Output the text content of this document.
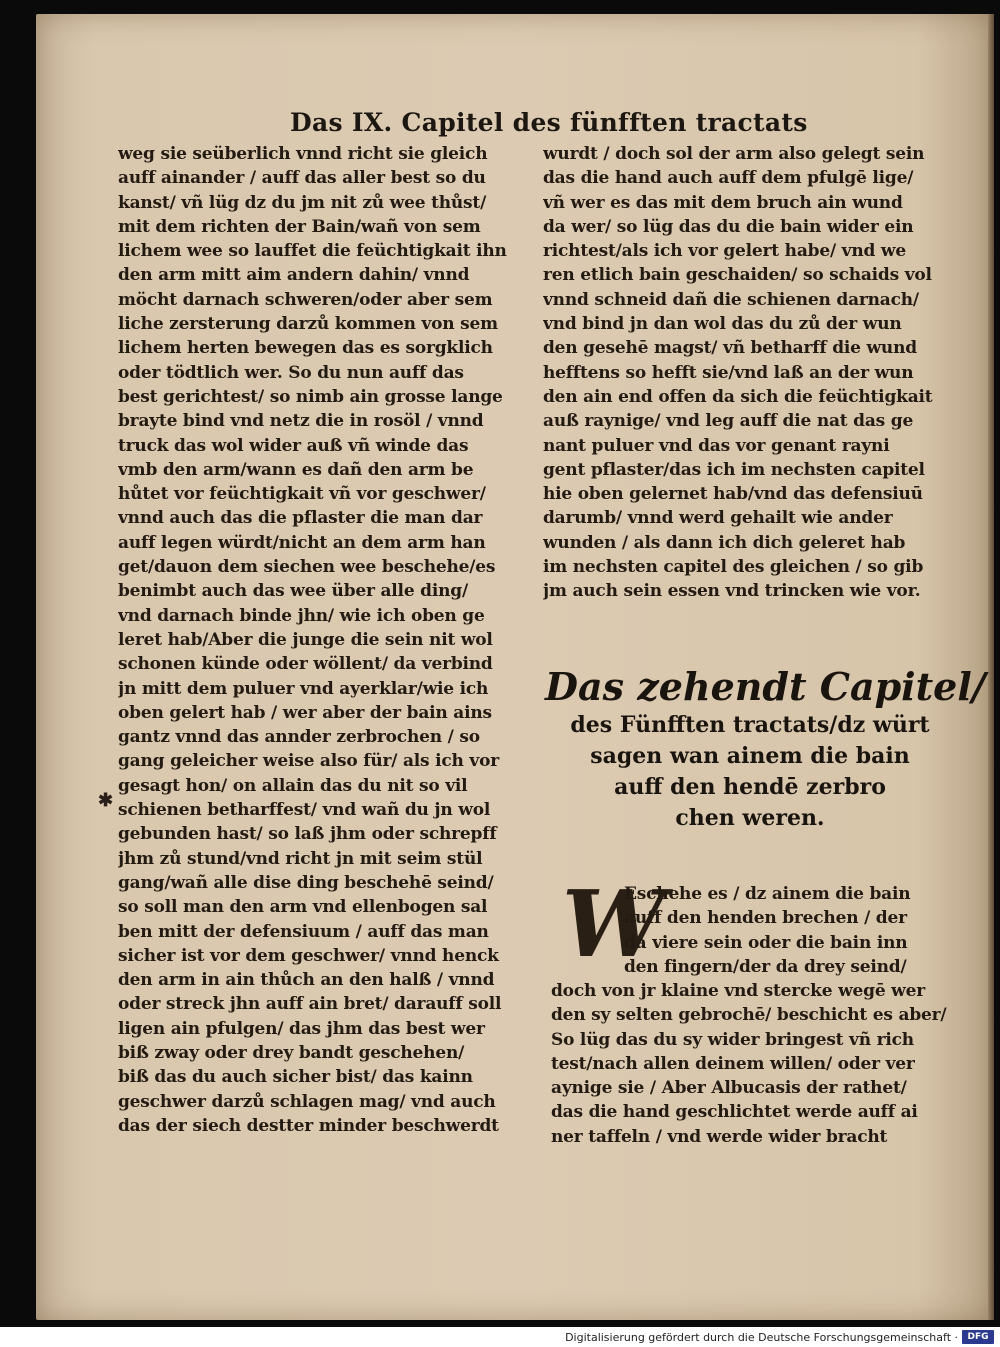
Das IX. Capitel des fünfften tractats
weg sie seüberlich vnnd richt sie gleich
auff ainander / auff das aller best so du
kanst/ vñ lüg dz du jm nit zů wee thůst/
mit dem richten der Bain/wañ von sem
lichem wee so lauffet die feüchtigkait ihn
den arm mitt aim andern dahin/ vnnd
möcht darnach schweren/oder aber sem
liche zersterung darzů kommen von sem
lichem herten bewegen das es sorgklich
oder tödtlich wer. So du nun auff das
best gerichtest/ so nimb ain grosse lange
brayte bind vnd netz die in rosöl / vnnd
truck das wol wider auß vñ winde das
vmb den arm/wann es dañ den arm be
hůtet vor feüchtigkait vñ vor geschwer/
vnnd auch das die pflaster die man dar
auff legen würdt/nicht an dem arm han
get/dauon dem siechen wee beschehe/es
benimbt auch das wee über alle ding/
vnd darnach binde jhn/ wie ich oben ge
leret hab/Aber die junge die sein nit wol
schonen künde oder wöllent/ da verbind
jn mitt dem puluer vnd ayerklar/wie ich
oben gelert hab / wer aber der bain ains
gantz vnnd das annder zerbrochen / so
gang geleicher weise also für/ als ich vor
gesagt hon/ on allain das du nit so vil
schienen betharffest/ vnd wañ du jn wol
gebunden hast/ so laß jhm oder schrepff
jhm zů stund/vnd richt jn mit seim stül
gang/wañ alle dise ding beschehē seind/
so soll man den arm vnd ellenbogen sal
ben mitt der defensiuum / auff das man
sicher ist vor dem geschwer/ vnnd henck
den arm in ain thůch an den halß / vnnd
oder streck jhn auff ain bret/ darauff soll
ligen ain pfulgen/ das jhm das best wer
biß zway oder drey bandt geschehen/
biß das du auch sicher bist/ das kainn
geschwer darzů schlagen mag/ vnd auch
das der siech destter minder beschwerdt
✱
wurdt / doch sol der arm also gelegt sein
das die hand auch auff dem pfulgē lige/
vñ wer es das mit dem bruch ain wund
da wer/ so lüg das du die bain wider ein
richtest/als ich vor gelert habe/ vnd we
ren etlich bain geschaiden/ so schaids vol
vnnd schneid dañ die schienen darnach/
vnd bind jn dan wol das du zů der wun
den gesehē magst/ vñ betharff die wund
hefftens so hefft sie/vnd laß an der wun
den ain end offen da sich die feüchtigkait
auß raynige/ vnd leg auff die nat das ge
nant puluer vnd das vor genant rayni
gent pflaster/das ich im nechsten capitel
hie oben gelernet hab/vnd das defensiuū
darumb/ vnnd werd gehailt wie ander
wunden / als dann ich dich geleret hab
im nechsten capitel des gleichen / so gib
jm auch sein essen vnd trincken wie vor.
Das zehendt Capitel/
des Fünfften tractats/dz würt
sagen wan ainem die bain
auff den hendē zerbro
chen weren.
W
Eschehe es / dz ainem die bain
auff den henden brechen / der
da viere sein oder die bain inn
den fingern/der da drey seind/
doch von jr klaine vnd stercke wegē wer
den sy selten gebrochē/ beschicht es aber/
So lüg das du sy wider bringest vñ rich
test/nach allen deinem willen/ oder ver
aynige sie / Aber Albucasis der rathet/
das die hand geschlichtet werde auff ai
ner taffeln / vnd werde wider bracht
Digitalisierung gefördert durch die Deutsche Forschungsgemeinschaft ·	DFG
